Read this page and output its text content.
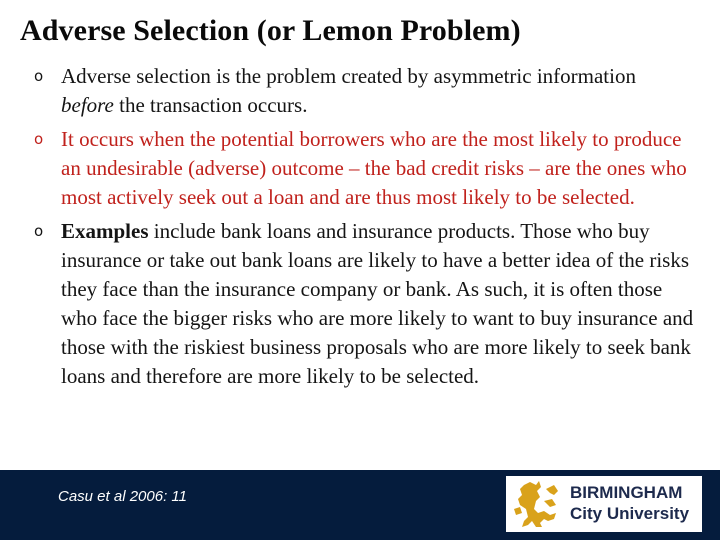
Adverse Selection (or Lemon Problem)
o Adverse selection is the problem created by asymmetric information before the transaction occurs.
o It occurs when the potential borrowers who are the most likely to produce an undesirable (adverse) outcome – the bad credit risks – are the ones who most actively seek out a loan and are thus most likely to be selected.
o Examples include bank loans and insurance products. Those who buy insurance or take out bank loans are likely to have a better idea of the risks they face than the insurance company or bank. As such, it is often those who face the bigger risks who are more likely to want to buy insurance and those with the riskiest business proposals who are more likely to seek bank loans and therefore are more likely to be selected.
Casu et al 2006: 11	BIRMINGHAM
City University
